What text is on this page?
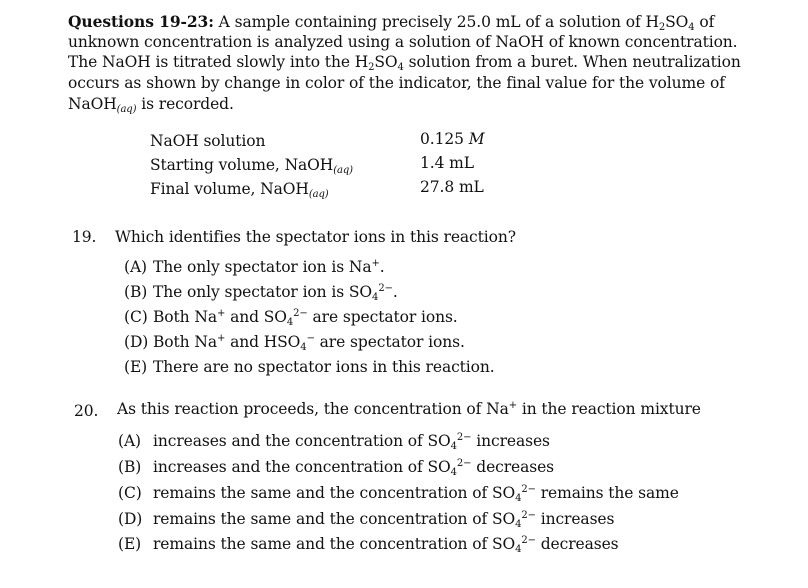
Questions 19-23: A sample containing precisely 25.0 mL of a solution of $H_2SO_4$ of
unknown concentration is analyzed using a solution of NaOH of known concentration.
The NaOH is titrated slowly into the $H_2SO_4$ solution from a buret. When neutralization
occurs as shown by change in color of the indicator, the final value for the volume of
NaOH$_{(aq)}$ is recorded.
NaOH solution	0.125 M
Starting volume, NaOH$_{(aq)}$	1.4 mL
Final volume, NaOH$_{(aq)}$	27.8 mL
19. Which identifies the spectator ions in this reaction?
(A) The only spectator ion is Na+.
(B) The only spectator ion is $SO_4^{2-}$.
(C) Both Na+ and $SO_4^{2-}$ are spectator ions.
(D) Both Na+ and $HSO_4^-$ are spectator ions.
(E) There are no spectator ions in this reaction.
20. As this reaction proceeds, the concentration of Na+ in the reaction mixture
(A) increases and the concentration of $SO_4^{2-}$ increases
(B) increases and the concentration of $SO_4^{2-}$ decreases
(C) remains the same and the concentration of $SO_4^{2-}$ remains the same
(D) remains the same and the concentration of $SO_4^{2-}$ increases
(E) remains the same and the concentration of $SO_4^{2-}$ decreases
